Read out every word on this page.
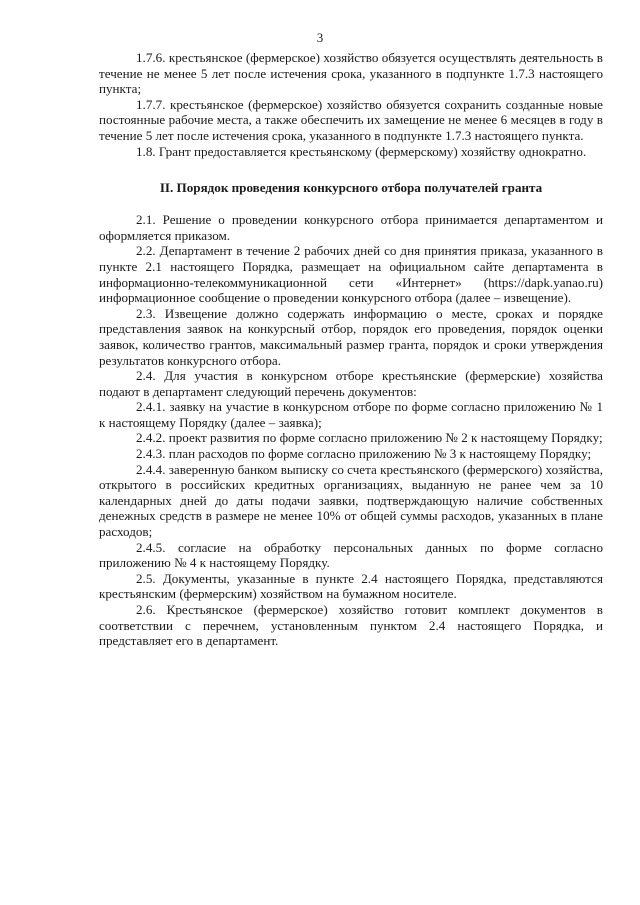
3

1.7.6. крестьянское (фермерское) хозяйство обязуется осуществлять деятельность в течение не менее 5 лет после истечения срока, указанного в подпункте 1.7.3 настоящего пункта;

1.7.7. крестьянское (фермерское) хозяйство обязуется сохранить созданные новые постоянные рабочие места, а также обеспечить их замещение не менее 6 месяцев в году в течение 5 лет после истечения срока, указанного в подпункте 1.7.3 настоящего пункта.

1.8. Грант предоставляется крестьянскому (фермерскому) хозяйству однократно.

II. Порядок проведения конкурсного отбора получателей гранта

2.1. Решение о проведении конкурсного отбора принимается департаментом и оформляется приказом.

2.2. Департамент в течение 2 рабочих дней со дня принятия приказа, указанного в пункте 2.1 настоящего Порядка, размещает на официальном сайте департамента в информационно-телекоммуникационной сети «Интернет» (https://dapk.yanao.ru) информационное сообщение о проведении конкурсного отбора (далее – извещение).

2.3. Извещение должно содержать информацию о месте, сроках и порядке представления заявок на конкурсный отбор, порядок его проведения, порядок оценки заявок, количество грантов, максимальный размер гранта, порядок и сроки утверждения результатов конкурсного отбора.

2.4. Для участия в конкурсном отборе крестьянские (фермерские) хозяйства подают в департамент следующий перечень документов:

2.4.1. заявку на участие в конкурсном отборе по форме согласно приложению № 1 к настоящему Порядку (далее – заявка);

2.4.2. проект развития по форме согласно приложению № 2 к настоящему Порядку;

2.4.3. план расходов по форме согласно приложению № 3 к настоящему Порядку;

2.4.4. заверенную банком выписку со счета крестьянского (фермерского) хозяйства, открытого в российских кредитных организациях, выданную не ранее чем за 10 календарных дней до даты подачи заявки, подтверждающую наличие собственных денежных средств в размере не менее 10% от общей суммы расходов, указанных в плане расходов;

2.4.5. согласие на обработку персональных данных по форме согласно приложению № 4 к настоящему Порядку.

2.5. Документы, указанные в пункте 2.4 настоящего Порядка, представляются крестьянским (фермерским) хозяйством на бумажном носителе.

2.6. Крестьянское (фермерское) хозяйство готовит комплект документов в соответствии с перечнем, установленным пунктом 2.4 настоящего Порядка, и представляет его в департамент.
